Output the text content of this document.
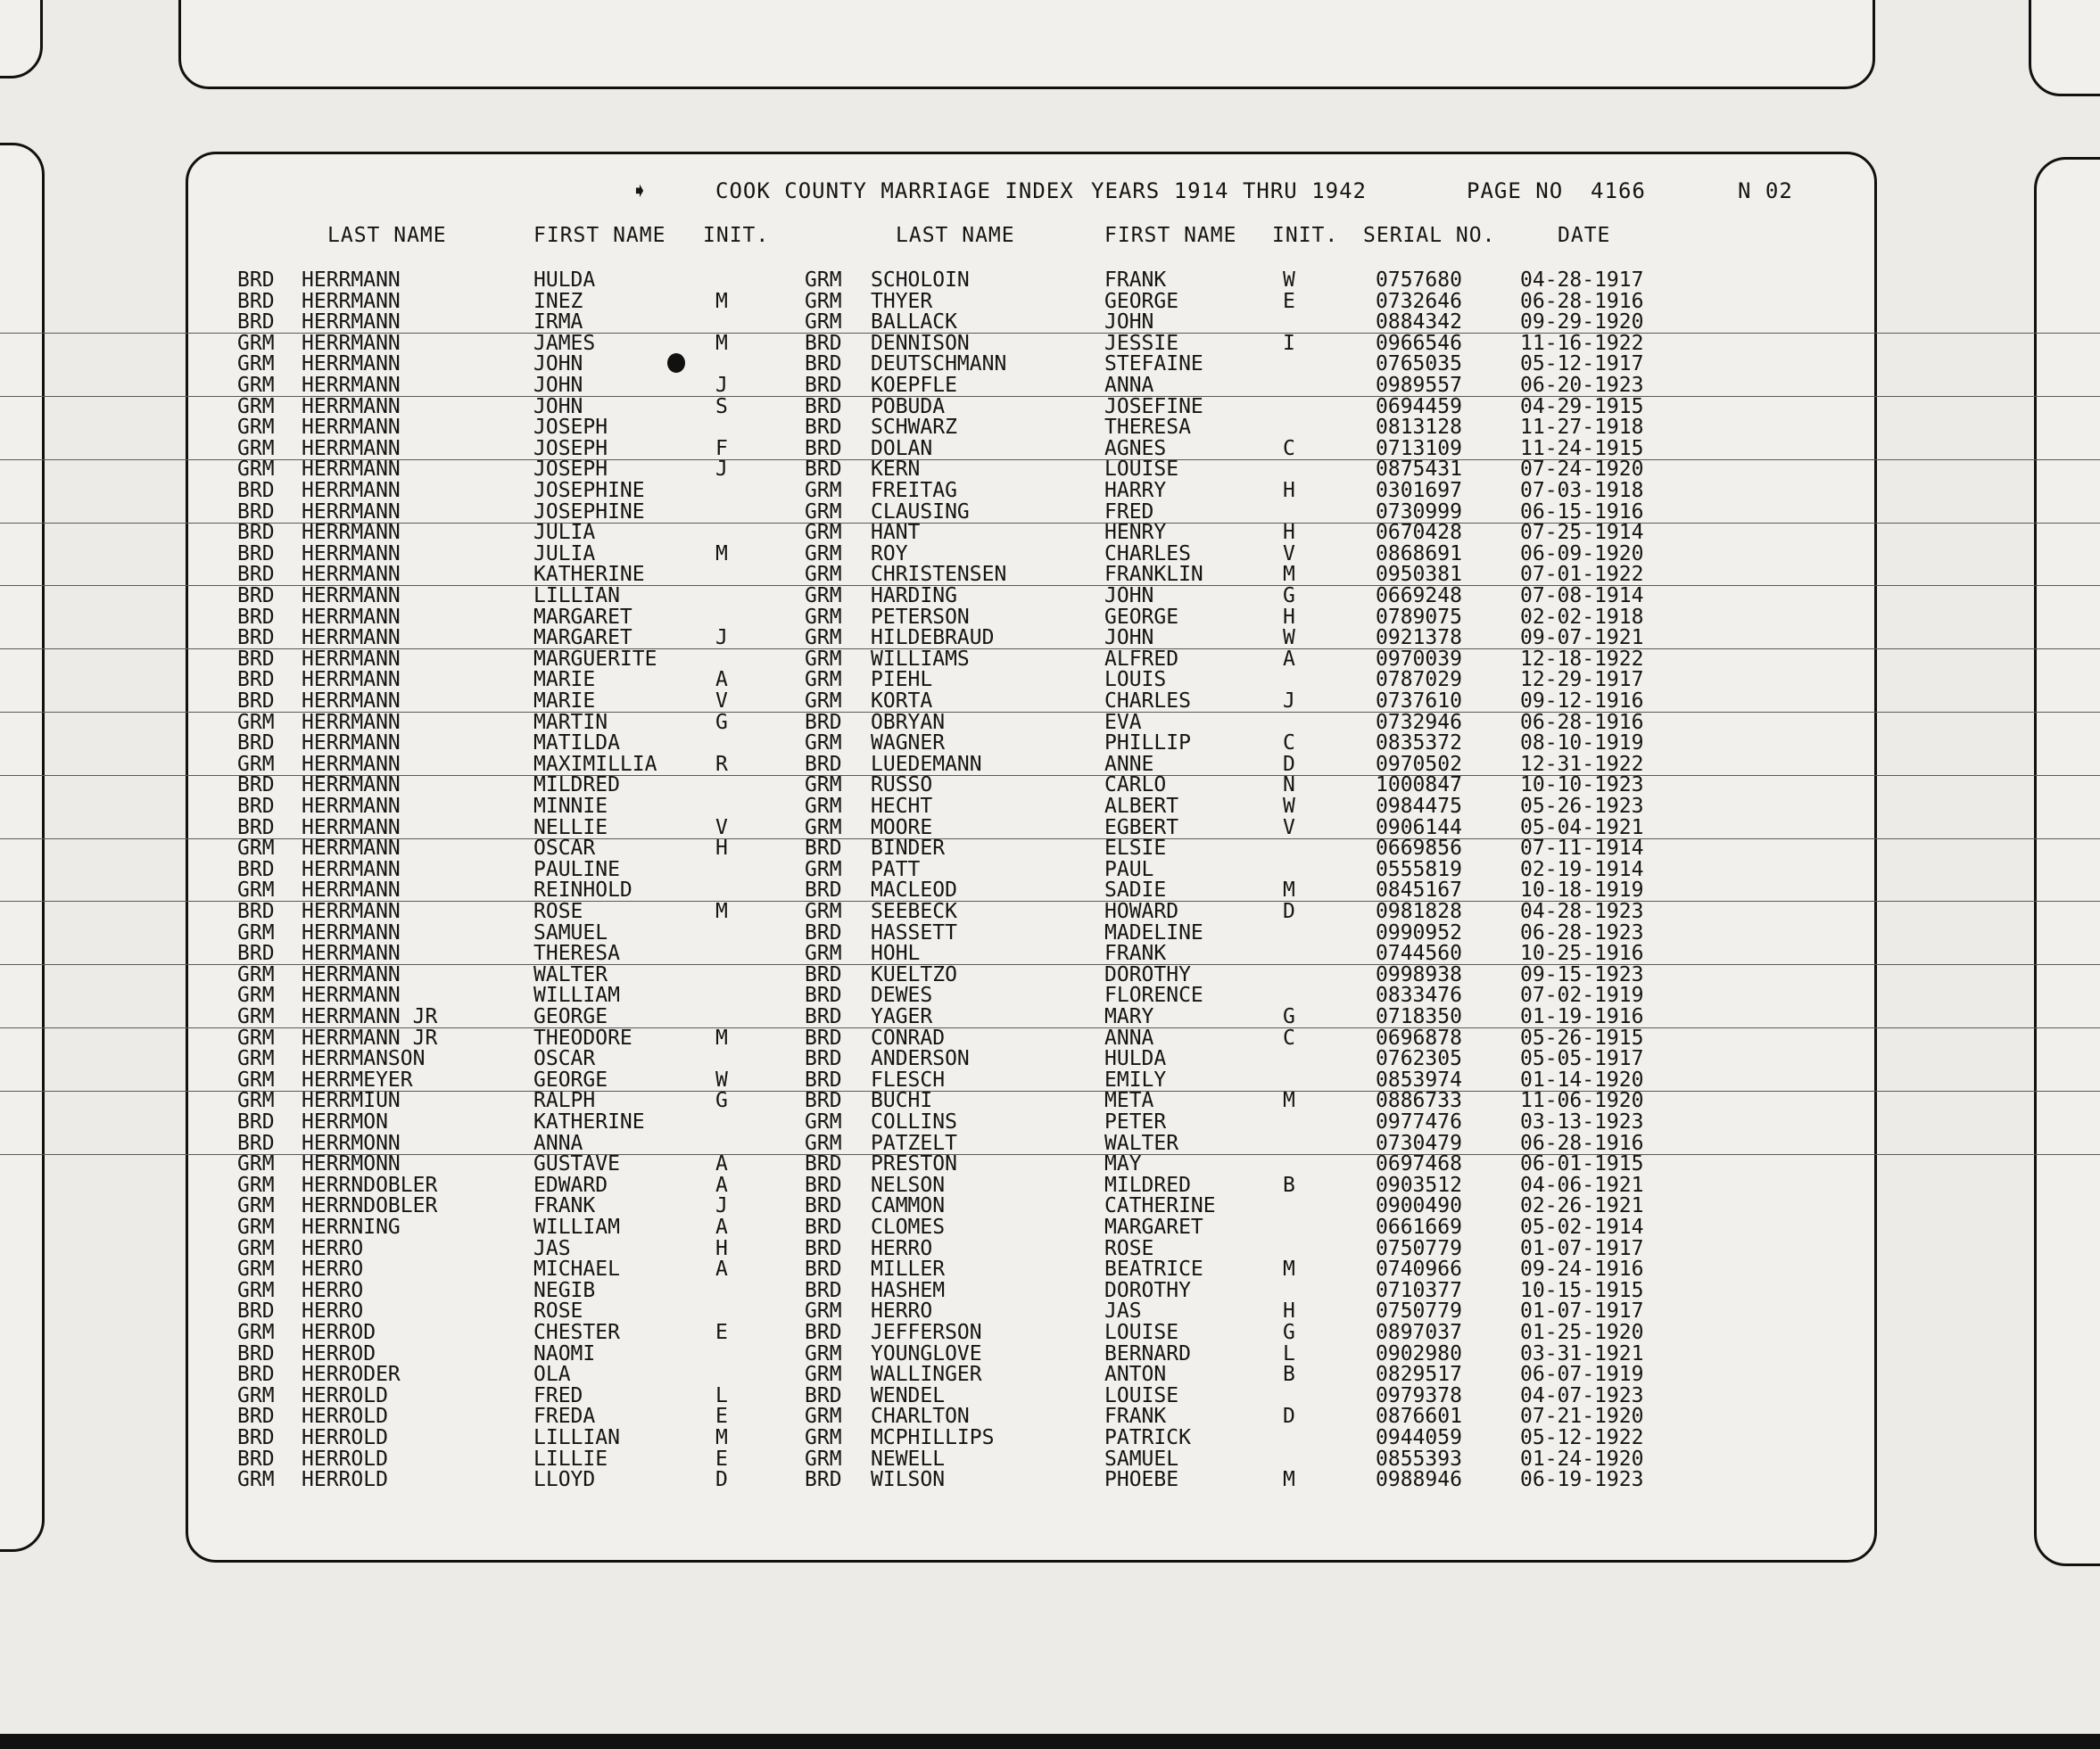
➧	COOK COUNTY MARRIAGE INDEX YEARS 1914 THRU 1942	PAGE NO  4166	N 02
LAST NAME	FIRST NAME INIT.	LAST NAME	FIRST NAME INIT. SERIAL NO.	DATE
BRD HERRMANN	HULDA	GRM SCHOLOIN	FRANK	W	0757680	04-28-1917
BRD HERRMANN	INEZ	M	GRM THYER	GEORGE	E	0732646	06-28-1916
BRD HERRMANN	IRMA	GRM BALLACK	JOHN	0884342	09-29-1920
GRM HERRMANN	JAMES	M	BRD DENNISON	JESSIE	I	0966546	11-16-1922
GRM HERRMANN	JOHN	BRD DEUTSCHMANN	STEFAINE	0765035	05-12-1917
GRM HERRMANN	JOHN	J	BRD KOEPFLE	ANNA	0989557	06-20-1923
GRM HERRMANN	JOHN	S	BRD POBUDA	JOSEFINE	0694459	04-29-1915
GRM HERRMANN	JOSEPH	BRD SCHWARZ	THERESA	0813128	11-27-1918
GRM HERRMANN	JOSEPH	F	BRD DOLAN	AGNES	C	0713109	11-24-1915
GRM HERRMANN	JOSEPH	J	BRD KERN	LOUISE	0875431	07-24-1920
BRD HERRMANN	JOSEPHINE	GRM FREITAG	HARRY	H	0301697	07-03-1918
BRD HERRMANN	JOSEPHINE	GRM CLAUSING	FRED	0730999	06-15-1916
BRD HERRMANN	JULIA	GRM HANT	HENRY	H	0670428	07-25-1914
BRD HERRMANN	JULIA	M	GRM ROY	CHARLES	V	0868691	06-09-1920
BRD HERRMANN	KATHERINE	GRM CHRISTENSEN	FRANKLIN	M	0950381	07-01-1922
BRD HERRMANN	LILLIAN	GRM HARDING	JOHN	G	0669248	07-08-1914
BRD HERRMANN	MARGARET	GRM PETERSON	GEORGE	H	0789075	02-02-1918
BRD HERRMANN	MARGARET	J	GRM HILDEBRAUD	JOHN	W	0921378	09-07-1921
BRD HERRMANN	MARGUERITE	GRM WILLIAMS	ALFRED	A	0970039	12-18-1922
BRD HERRMANN	MARIE	A	GRM PIEHL	LOUIS	0787029	12-29-1917
BRD HERRMANN	MARIE	V	GRM KORTA	CHARLES	J	0737610	09-12-1916
GRM HERRMANN	MARTIN	G	BRD OBRYAN	EVA	0732946	06-28-1916
BRD HERRMANN	MATILDA	GRM WAGNER	PHILLIP	C	0835372	08-10-1919
GRM HERRMANN	MAXIMILLIA	R	BRD LUEDEMANN	ANNE	D	0970502	12-31-1922
BRD HERRMANN	MILDRED	GRM RUSSO	CARLO	N	1000847	10-10-1923
BRD HERRMANN	MINNIE	GRM HECHT	ALBERT	W	0984475	05-26-1923
BRD HERRMANN	NELLIE	V	GRM MOORE	EGBERT	V	0906144	05-04-1921
GRM HERRMANN	OSCAR	H	BRD BINDER	ELSIE	0669856	07-11-1914
BRD HERRMANN	PAULINE	GRM PATT	PAUL	0555819	02-19-1914
GRM HERRMANN	REINHOLD	BRD MACLEOD	SADIE	M	0845167	10-18-1919
BRD HERRMANN	ROSE	M	GRM SEEBECK	HOWARD	D	0981828	04-28-1923
GRM HERRMANN	SAMUEL	BRD HASSETT	MADELINE	0990952	06-28-1923
BRD HERRMANN	THERESA	GRM HOHL	FRANK	0744560	10-25-1916
GRM HERRMANN	WALTER	BRD KUELTZO	DOROTHY	0998938	09-15-1923
GRM HERRMANN	WILLIAM	BRD DEWES	FLORENCE	0833476	07-02-1919
GRM HERRMANN JR	GEORGE	BRD YAGER	MARY	G	0718350	01-19-1916
GRM HERRMANN JR	THEODORE	M	BRD CONRAD	ANNA	C	0696878	05-26-1915
GRM HERRMANSON	OSCAR	BRD ANDERSON	HULDA	0762305	05-05-1917
GRM HERRMEYER	GEORGE	W	BRD FLESCH	EMILY	0853974	01-14-1920
GRM HERRMIUN	RALPH	G	BRD BUCHI	META	M	0886733	11-06-1920
BRD HERRMON	KATHERINE	GRM COLLINS	PETER	0977476	03-13-1923
BRD HERRMONN	ANNA	GRM PATZELT	WALTER	0730479	06-28-1916
GRM HERRMONN	GUSTAVE	A	BRD PRESTON	MAY	0697468	06-01-1915
GRM HERRNDOBLER	EDWARD	A	BRD NELSON	MILDRED	B	0903512	04-06-1921
GRM HERRNDOBLER	FRANK	J	BRD CAMMON	CATHERINE	0900490	02-26-1921
GRM HERRNING	WILLIAM	A	BRD CLOMES	MARGARET	0661669	05-02-1914
GRM HERRO	JAS	H	BRD HERRO	ROSE	0750779	01-07-1917
GRM HERRO	MICHAEL	A	BRD MILLER	BEATRICE	M	0740966	09-24-1916
GRM HERRO	NEGIB	BRD HASHEM	DOROTHY	0710377	10-15-1915
BRD HERRO	ROSE	GRM HERRO	JAS	H	0750779	01-07-1917
GRM HERROD	CHESTER	E	BRD JEFFERSON	LOUISE	G	0897037	01-25-1920
BRD HERROD	NAOMI	GRM YOUNGLOVE	BERNARD	L	0902980	03-31-1921
BRD HERRODER	OLA	GRM WALLINGER	ANTON	B	0829517	06-07-1919
GRM HERROLD	FRED	L	BRD WENDEL	LOUISE	0979378	04-07-1923
BRD HERROLD	FREDA	E	GRM CHARLTON	FRANK	D	0876601	07-21-1920
BRD HERROLD	LILLIAN	M	GRM MCPHILLIPS	PATRICK	0944059	05-12-1922
BRD HERROLD	LILLIE	E	GRM NEWELL	SAMUEL	0855393	01-24-1920
GRM HERROLD	LLOYD	D	BRD WILSON	PHOEBE	M	0988946	06-19-1923
